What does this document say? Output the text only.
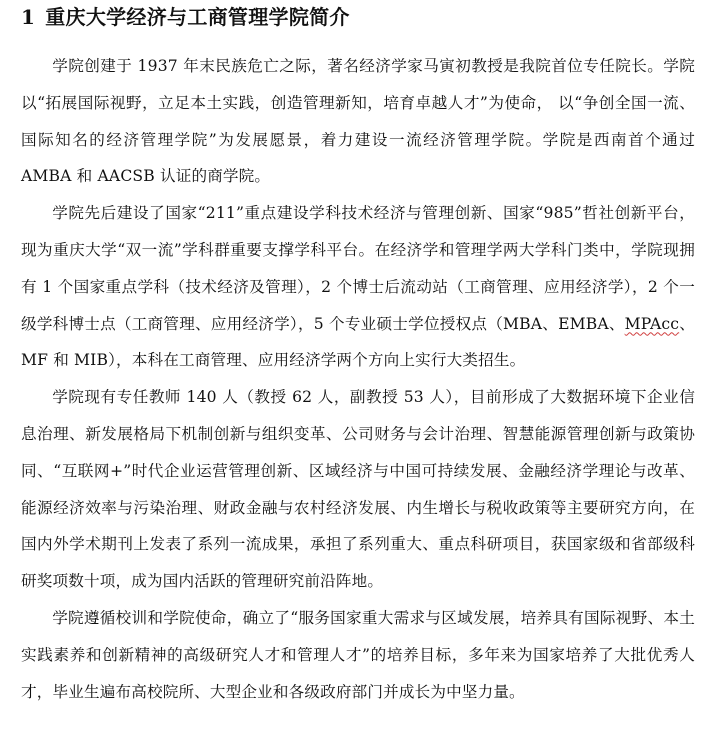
1 重庆大学经济与工商管理学院简介

学院创建于 1937 年末民族危亡之际，著名经济学家马寅初教授是我院首位专任院长。学院以“拓展国际视野，立足本土实践，创造管理新知，培育卓越人才”为使命， 以“争创全国一流、国际知名的经济管理学院”为发展愿景，着力建设一流经济管理学院。学院是西南首个通过 AMBA 和 AACSB 认证的商学院。

学院先后建设了国家“211”重点建设学科技术经济与管理创新、国家“985”哲社创新平台，现为重庆大学“双一流”学科群重要支撑学科平台。在经济学和管理学两大学科门类中，学院现拥有 1 个国家重点学科（技术经济及管理），2 个博士后流动站（工商管理、应用经济学），2 个一级学科博士点（工商管理、应用经济学），5 个专业硕士学位授权点（MBA、EMBA、MPAcc、MF 和 MIB），本科在工商管理、应用经济学两个方向上实行大类招生。

学院现有专任教师 140 人（教授 62 人，副教授 53 人），目前形成了大数据环境下企业信息治理、新发展格局下机制创新与组织变革、公司财务与会计治理、智慧能源管理创新与政策协同、“互联网+”时代企业运营管理创新、区域经济与中国可持续发展、金融经济学理论与改革、能源经济效率与污染治理、财政金融与农村经济发展、内生增长与税收政策等主要研究方向，在国内外学术期刊上发表了系列一流成果，承担了系列重大、重点科研项目，获国家级和省部级科研奖项数十项，成为国内活跃的管理研究前沿阵地。

学院遵循校训和学院使命，确立了“服务国家重大需求与区域发展，培养具有国际视野、本土实践素养和创新精神的高级研究人才和管理人才”的培养目标，多年来为国家培养了大批优秀人才，毕业生遍布高校院所、大型企业和各级政府部门并成长为中坚力量。
